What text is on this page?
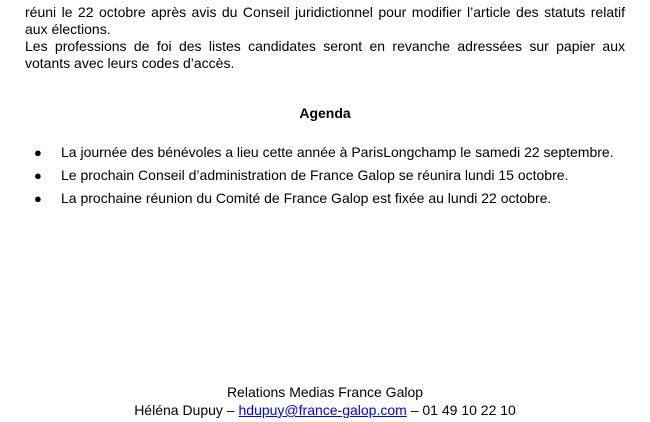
réuni le 22 octobre après avis du Conseil juridictionnel pour modifier l’article des statuts relatif aux élections.

Les professions de foi des listes candidates seront en revanche adressées sur papier aux votants avec leurs codes d’accès.

Agenda
● La journée des bénévoles a lieu cette année à ParisLongchamp le samedi 22 septembre.
● Le prochain Conseil d’administration de France Galop se réunira lundi 15 octobre.
● La prochaine réunion du Comité de France Galop est fixée au lundi 22 octobre.
Relations Medias France Galop
Héléna Dupuy – hdupuy@france-galop.com – 01 49 10 22 10
